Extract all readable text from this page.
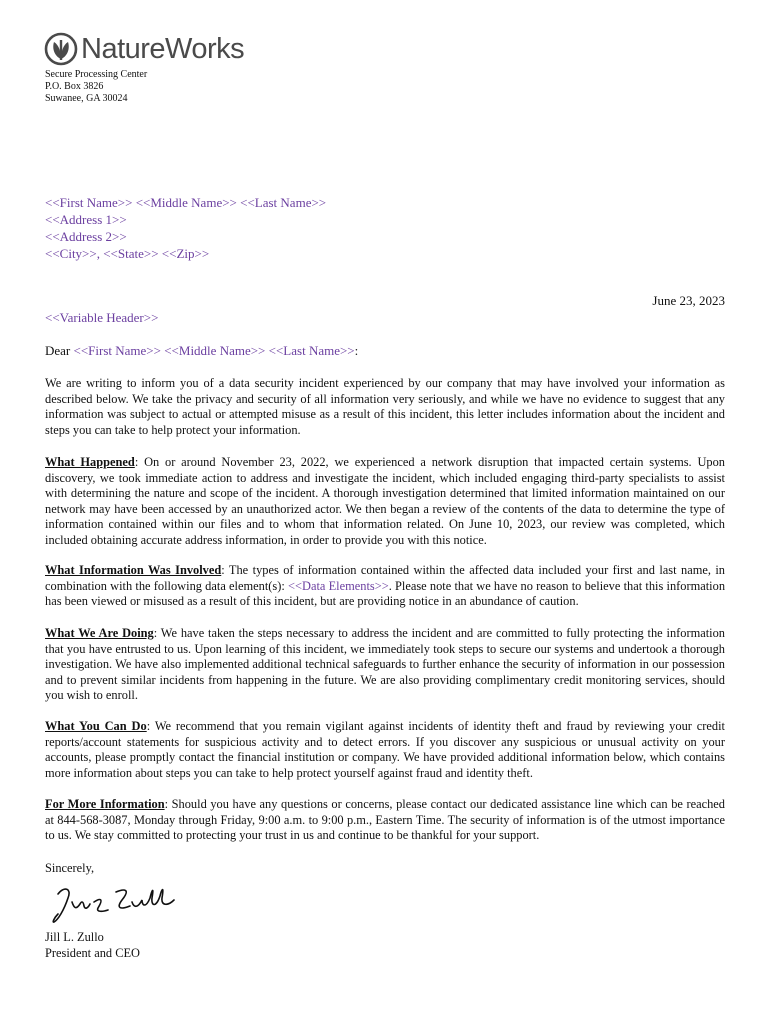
NatureWorks
Secure Processing Center
P.O. Box 3826
Suwanee, GA 30024
<<First Name>> <<Middle Name>> <<Last Name>>
<<Address 1>>
<<Address 2>>
<<City>>, <<State>> <<Zip>>
June 23, 2023
<<Variable Header>>
Dear <<First Name>> <<Middle Name>> <<Last Name>>:

We are writing to inform you of a data security incident experienced by our company that may have involved your information as described below. We take the privacy and security of all information very seriously, and while we have no evidence to suggest that any information was subject to actual or attempted misuse as a result of this incident, this letter includes information about the incident and steps you can take to help protect your information.

What Happened: On or around November 23, 2022, we experienced a network disruption that impacted certain systems. Upon discovery, we took immediate action to address and investigate the incident, which included engaging third-party specialists to assist with determining the nature and scope of the incident. A thorough investigation determined that limited information maintained on our network may have been accessed by an unauthorized actor. We then began a review of the contents of the data to determine the type of information contained within our files and to whom that information related. On June 10, 2023, our review was completed, which included obtaining accurate address information, in order to provide you with this notice.

What Information Was Involved: The types of information contained within the affected data included your first and last name, in combination with the following data element(s): <<Data Elements>>. Please note that we have no reason to believe that this information has been viewed or misused as a result of this incident, but are providing notice in an abundance of caution.

What We Are Doing: We have taken the steps necessary to address the incident and are committed to fully protecting the information that you have entrusted to us. Upon learning of this incident, we immediately took steps to secure our systems and undertook a thorough investigation. We have also implemented additional technical safeguards to further enhance the security of information in our possession and to prevent similar incidents from happening in the future. We are also providing complimentary credit monitoring services, should you wish to enroll.

What You Can Do: We recommend that you remain vigilant against incidents of identity theft and fraud by reviewing your credit reports/account statements for suspicious activity and to detect errors. If you discover any suspicious or unusual activity on your accounts, please promptly contact the financial institution or company. We have provided additional information below, which contains more information about steps you can take to help protect yourself against fraud and identity theft.

For More Information: Should you have any questions or concerns, please contact our dedicated assistance line which can be reached at 844-568-3087, Monday through Friday, 9:00 a.m. to 9:00 p.m., Eastern Time. The security of information is of the utmost importance to us. We stay committed to protecting your trust in us and continue to be thankful for your support.

Sincerely,
Jill L. Zullo
President and CEO
